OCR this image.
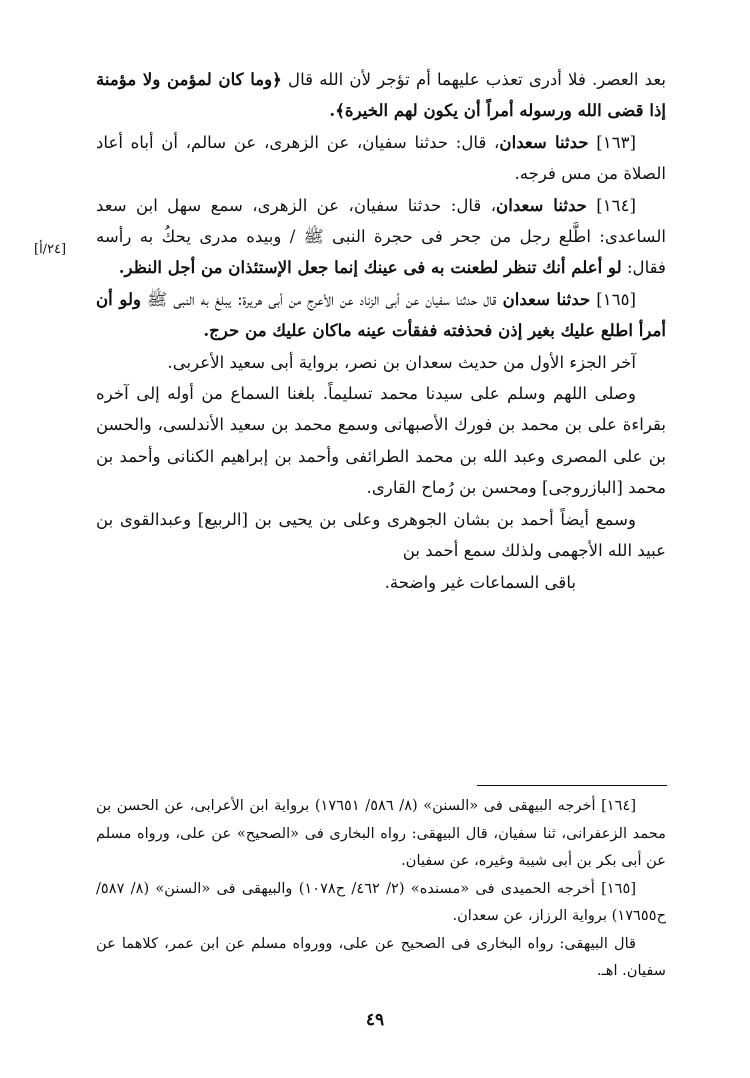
بعد العصر. فلا أدرى تعذب عليهما أم تؤجر لأن الله قال ﴿وما كان لمؤمن ولا مؤمنة إذا قضى الله ورسوله أمراً أن يكون لهم الخيرة﴾.

[١٦٣] حدثنا سعدان، قال: حدثنا سفيان، عن الزهرى، عن سالم، أن أباه أعاد الصلاة من مس فرجه.

[١٦٤] حدثنا سعدان، قال: حدثنا سفيان، عن الزهرى، سمع سهل ابن سعد الساعدى: اطَّلع رجل من جحر فى حجرة النبى ﷺ / وبيده مدرى يحكُ به رأسه فقال: لو أعلم أنك تنظر لطعنت به فى عينك إنما جعل الإستئذان من أجل النظر.

[١٦٥] حدثنا سعدان قال حدثنا سفيان عن أبى الزناد عن الأعرج من أبى هريرة: يبلغ به النبى ﷺ ولو أن أمرأ اطلع عليك بغير إذن فحذفته ففقأت عينه ماكان عليك من حرج.

آخر الجزء الأول من حديث سعدان بن نصر، برواية أبى سعيد الأعربى.

وصلى اللهم وسلم على سيدنا محمد تسليماً. بلغنا السماع من أوله إلى آخره بقراءة على بن محمد بن فورك الأصبهانى وسمع محمد بن سعيد الأندلسى، والحسن بن على المصرى وعبد الله بن محمد الطرائفى وأحمد بن إبراهيم الكنانى وأحمد بن محمد [البازروجى] ومحسن بن رُماح القارى.

وسمع أيضاً أحمد بن بشان الجوهرى وعلى بن يحيى بن [الربيع] وعبدالقوى بن عبيد الله الأجهمى ولذلك سمع أحمد بن

باقى السماعات غير واضحة.

[٢٤/أ]

[١٦٤] أخرجه البيهقى فى «السنن» (٨/ ٥٨٦/ ١٧٦٥١) برواية ابن الأعرابى، عن الحسن بن محمد الزعفرانى، ثنا سفيان، قال البيهقى: رواه البخارى فى «الصحيح» عن على، ورواه مسلم عن أبى بكر بن أبى شيبة وغيره، عن سفيان.

[١٦٥] أخرجه الحميدى فى «مسنده» (٢/ ٤٦٢/ ح١٠٧٨) والبيهقى فى «السنن» (٨/ ٥٨٧/ ح١٧٦٥٥) برواية الرزاز، عن سعدان.

قال البيهقى: رواه البخارى فى الصحيح عن على، وورواه مسلم عن ابن عمر، كلاهما عن سفيان. اهـ.

٤٩
